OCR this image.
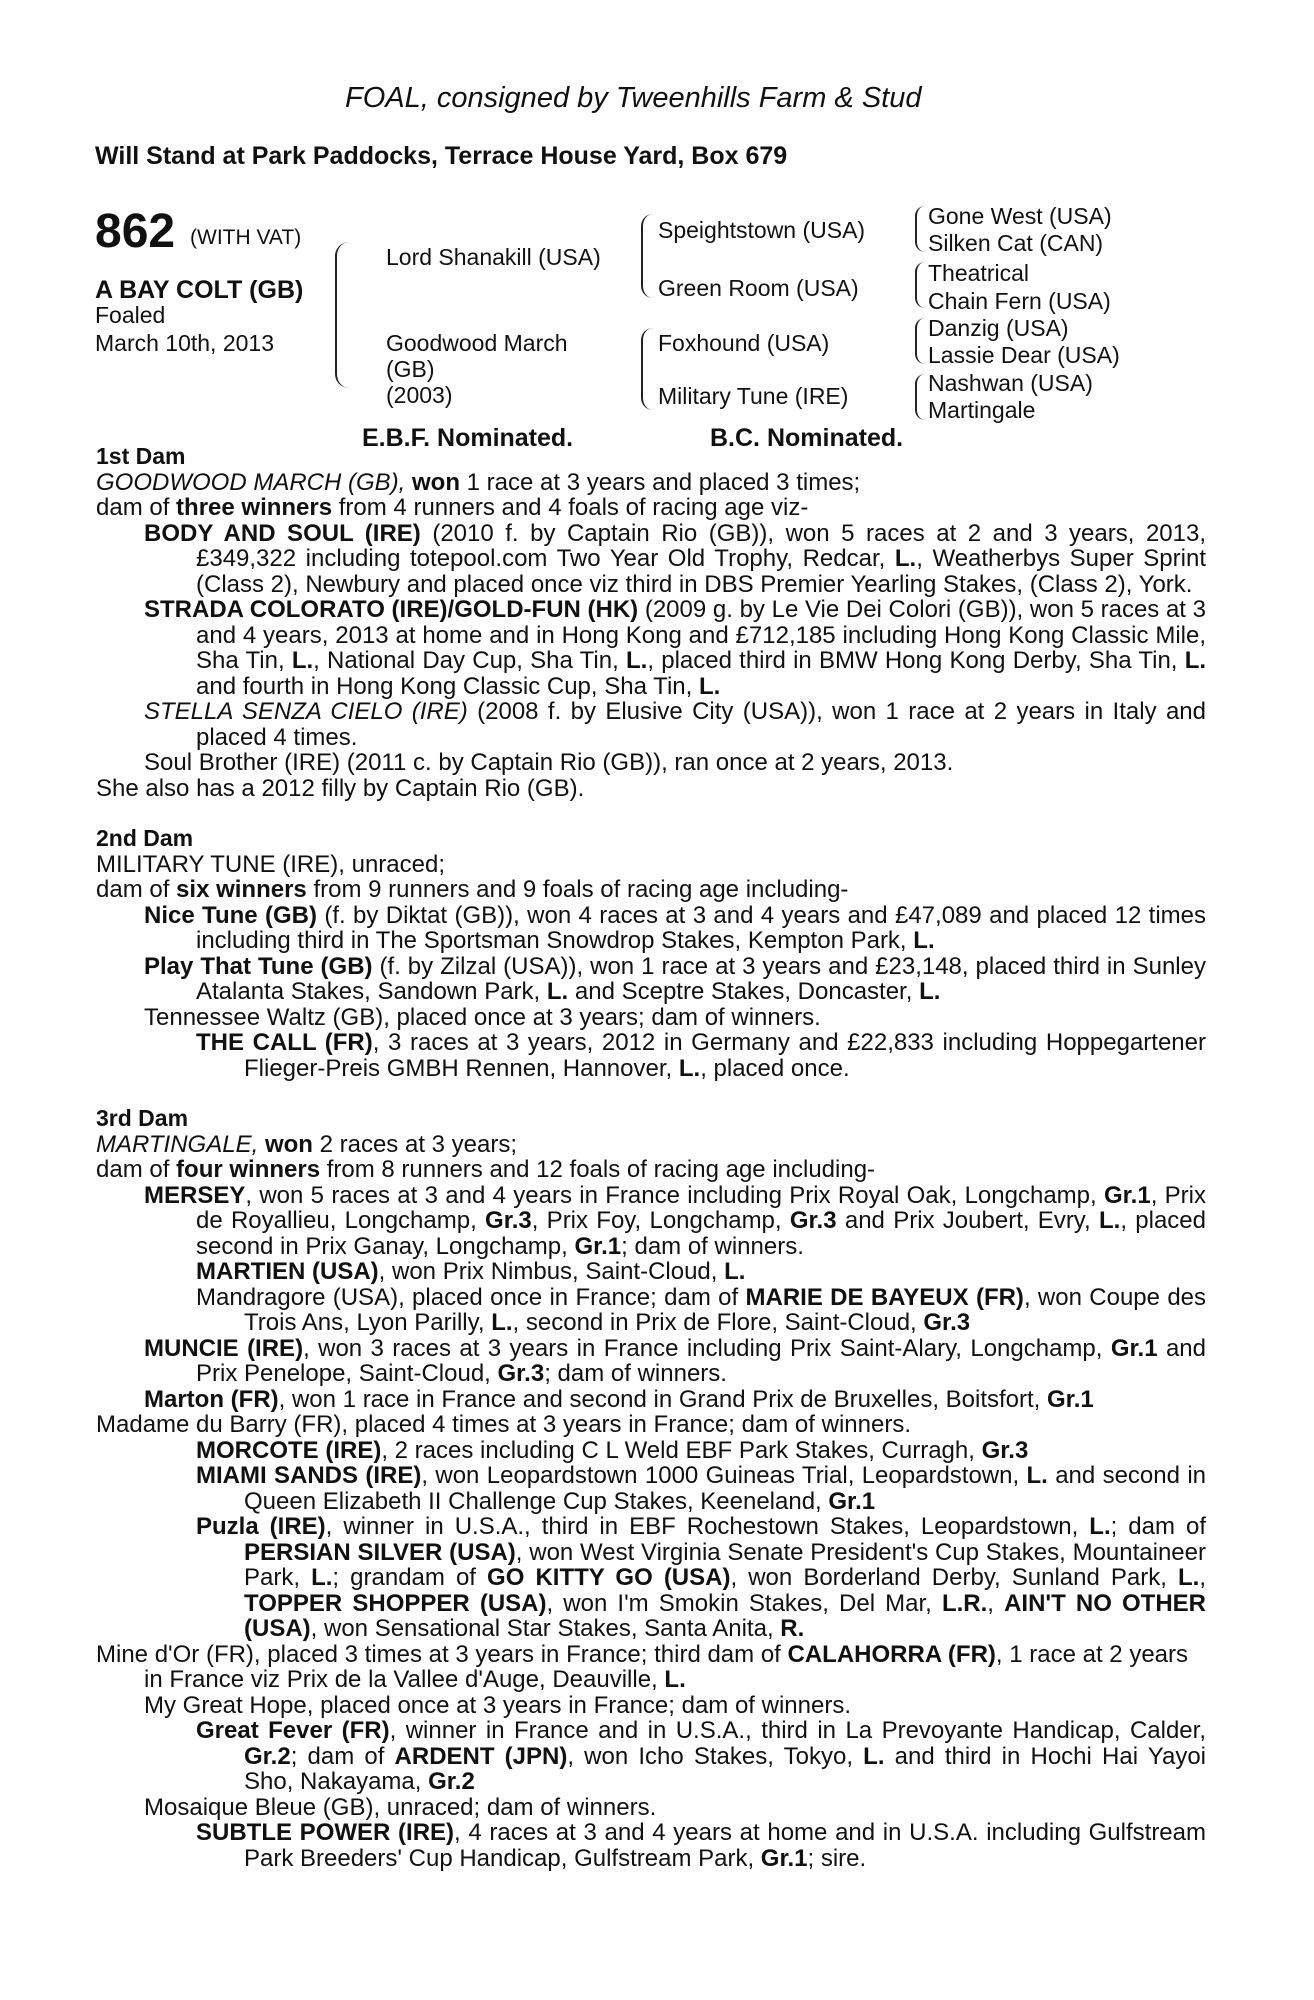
FOAL, consigned by Tweenhills Farm & Stud
Will Stand at Park Paddocks, Terrace House Yard, Box 679
862 (WITH VAT)
A BAY COLT (GB)
Foaled
March 10th, 2013
Lord Shanakill (USA)
Goodwood March
(GB)
(2003)
Speightstown (USA)
Green Room (USA)
Foxhound (USA)
Military Tune (IRE)
Gone West (USA)
Silken Cat (CAN)
Theatrical
Chain Fern (USA)
Danzig (USA)
Lassie Dear (USA)
Nashwan (USA)
Martingale
E.B.F. Nominated.	B.C. Nominated.

1st Dam

GOODWOOD MARCH (GB), won 1 race at 3 years and placed 3 times;

dam of three winners from 4 runners and 4 foals of racing age viz-

BODY AND SOUL (IRE) (2010 f. by Captain Rio (GB)), won 5 races at 2 and 3 years, 2013, £349,322 including totepool.com Two Year Old Trophy, Redcar, L., Weatherbys Super Sprint (Class 2), Newbury and placed once viz third in DBS Premier Yearling Stakes, (Class 2), York.

STRADA COLORATO (IRE)/GOLD-FUN (HK) (2009 g. by Le Vie Dei Colori (GB)), won 5 races at 3 and 4 years, 2013 at home and in Hong Kong and £712,185 including Hong Kong Classic Mile, Sha Tin, L., National Day Cup, Sha Tin, L., placed third in BMW Hong Kong Derby, Sha Tin, L. and fourth in Hong Kong Classic Cup, Sha Tin, L.

STELLA SENZA CIELO (IRE) (2008 f. by Elusive City (USA)), won 1 race at 2 years in Italy and placed 4 times.

Soul Brother (IRE) (2011 c. by Captain Rio (GB)), ran once at 2 years, 2013.

She also has a 2012 filly by Captain Rio (GB).

2nd Dam

MILITARY TUNE (IRE), unraced;

dam of six winners from 9 runners and 9 foals of racing age including-

Nice Tune (GB) (f. by Diktat (GB)), won 4 races at 3 and 4 years and £47,089 and placed 12 times including third in The Sportsman Snowdrop Stakes, Kempton Park, L.

Play That Tune (GB) (f. by Zilzal (USA)), won 1 race at 3 years and £23,148, placed third in Sunley Atalanta Stakes, Sandown Park, L. and Sceptre Stakes, Doncaster, L.

Tennessee Waltz (GB), placed once at 3 years; dam of winners.

THE CALL (FR), 3 races at 3 years, 2012 in Germany and £22,833 including Hoppegartener Flieger-Preis GMBH Rennen, Hannover, L., placed once.

3rd Dam

MARTINGALE, won 2 races at 3 years;

dam of four winners from 8 runners and 12 foals of racing age including-

MERSEY, won 5 races at 3 and 4 years in France including Prix Royal Oak, Longchamp, Gr.1, Prix de Royallieu, Longchamp, Gr.3, Prix Foy, Longchamp, Gr.3 and Prix Joubert, Evry, L., placed second in Prix Ganay, Longchamp, Gr.1; dam of winners.

MARTIEN (USA), won Prix Nimbus, Saint-Cloud, L.

Mandragore (USA), placed once in France; dam of MARIE DE BAYEUX (FR), won Coupe des Trois Ans, Lyon Parilly, L., second in Prix de Flore, Saint-Cloud, Gr.3

MUNCIE (IRE), won 3 races at 3 years in France including Prix Saint-Alary, Longchamp, Gr.1 and Prix Penelope, Saint-Cloud, Gr.3; dam of winners.

Marton (FR), won 1 race in France and second in Grand Prix de Bruxelles, Boitsfort, Gr.1

Madame du Barry (FR), placed 4 times at 3 years in France; dam of winners.

MORCOTE (IRE), 2 races including C L Weld EBF Park Stakes, Curragh, Gr.3

MIAMI SANDS (IRE), won Leopardstown 1000 Guineas Trial, Leopardstown, L. and second in Queen Elizabeth II Challenge Cup Stakes, Keeneland, Gr.1

Puzla (IRE), winner in U.S.A., third in EBF Rochestown Stakes, Leopardstown, L.; dam of PERSIAN SILVER (USA), won West Virginia Senate President's Cup Stakes, Mountaineer Park, L.; grandam of GO KITTY GO (USA), won Borderland Derby, Sunland Park, L., TOPPER SHOPPER (USA), won I'm Smokin Stakes, Del Mar, L.R., AIN'T NO OTHER (USA), won Sensational Star Stakes, Santa Anita, R.

Mine d'Or (FR), placed 3 times at 3 years in France; third dam of CALAHORRA (FR), 1 race at 2 years in France viz Prix de la Vallee d'Auge, Deauville, L.

My Great Hope, placed once at 3 years in France; dam of winners.

Great Fever (FR), winner in France and in U.S.A., third in La Prevoyante Handicap, Calder, Gr.2; dam of ARDENT (JPN), won Icho Stakes, Tokyo, L. and third in Hochi Hai Yayoi Sho, Nakayama, Gr.2

Mosaique Bleue (GB), unraced; dam of winners.

SUBTLE POWER (IRE), 4 races at 3 and 4 years at home and in U.S.A. including Gulfstream Park Breeders' Cup Handicap, Gulfstream Park, Gr.1; sire.
